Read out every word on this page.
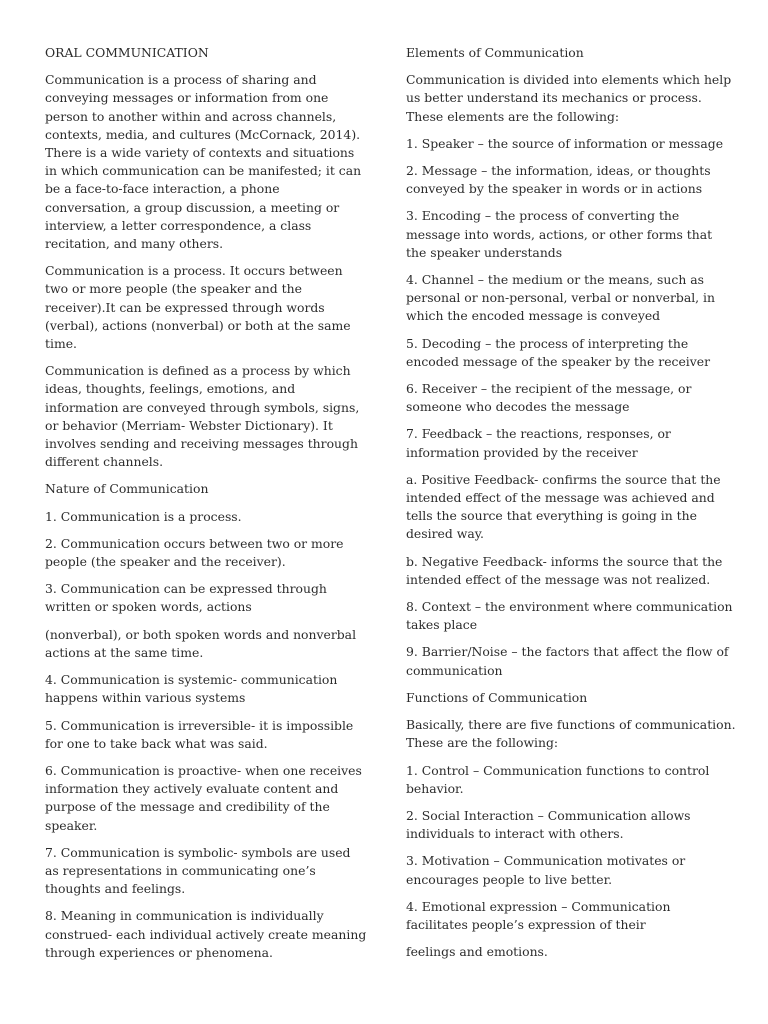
ORAL COMMUNICATION

Communication is a process of sharing and conveying messages or information from one person to another within and across channels, contexts, media, and cultures (McCornack, 2014). There is a wide variety of contexts and situations in which communication can be manifested; it can be a face-to-face interaction, a phone conversation, a group discussion, a meeting or interview, a letter correspondence, a class recitation, and many others.

Communication is a process. It occurs between two or more people (the speaker and the receiver).It can be expressed through words (verbal), actions (nonverbal) or both at the same time.

Communication is defined as a process by which ideas, thoughts, feelings, emotions, and information are conveyed through symbols, signs, or behavior (Merriam- Webster Dictionary). It involves sending and receiving messages through different channels.

Nature of Communication

1. Communication is a process.

2. Communication occurs between two or more people (the speaker and the receiver).

3. Communication can be expressed through written or spoken words, actions

(nonverbal), or both spoken words and nonverbal actions at the same time.

4. Communication is systemic- communication happens within various systems

5. Communication is irreversible- it is impossible for one to take back what was said.

6. Communication is proactive- when one receives information they actively evaluate content and purpose of the message and credibility of the speaker.

7. Communication is symbolic- symbols are used as representations in communicating one’s thoughts and feelings.

8. Meaning in communication is individually construed- each individual actively create meaning through experiences or phenomena.

Elements of Communication

Communication is divided into elements which help us better understand its mechanics or process. These elements are the following:

1. Speaker – the source of information or message

2. Message – the information, ideas, or thoughts conveyed by the speaker in words or in actions

3. Encoding – the process of converting the message into words, actions, or other forms that the speaker understands

4. Channel – the medium or the means, such as personal or non-personal, verbal or nonverbal, in which the encoded message is conveyed

5. Decoding – the process of interpreting the encoded message of the speaker by the receiver

6. Receiver – the recipient of the message, or someone who decodes the message

7. Feedback – the reactions, responses, or information provided by the receiver

a. Positive Feedback- confirms the source that the intended effect of the message was achieved and tells the source that everything is going in the desired way.

b. Negative Feedback- informs the source that the intended effect of the message was not realized.

8. Context – the environment where communication takes place

9. Barrier/Noise – the factors that affect the flow of communication

Functions of Communication

Basically, there are five functions of communication. These are the following:

1. Control – Communication functions to control behavior.

2. Social Interaction – Communication allows individuals to interact with others.

3. Motivation – Communication motivates or encourages people to live better.

4. Emotional expression – Communication facilitates people’s expression of their

feelings and emotions.
